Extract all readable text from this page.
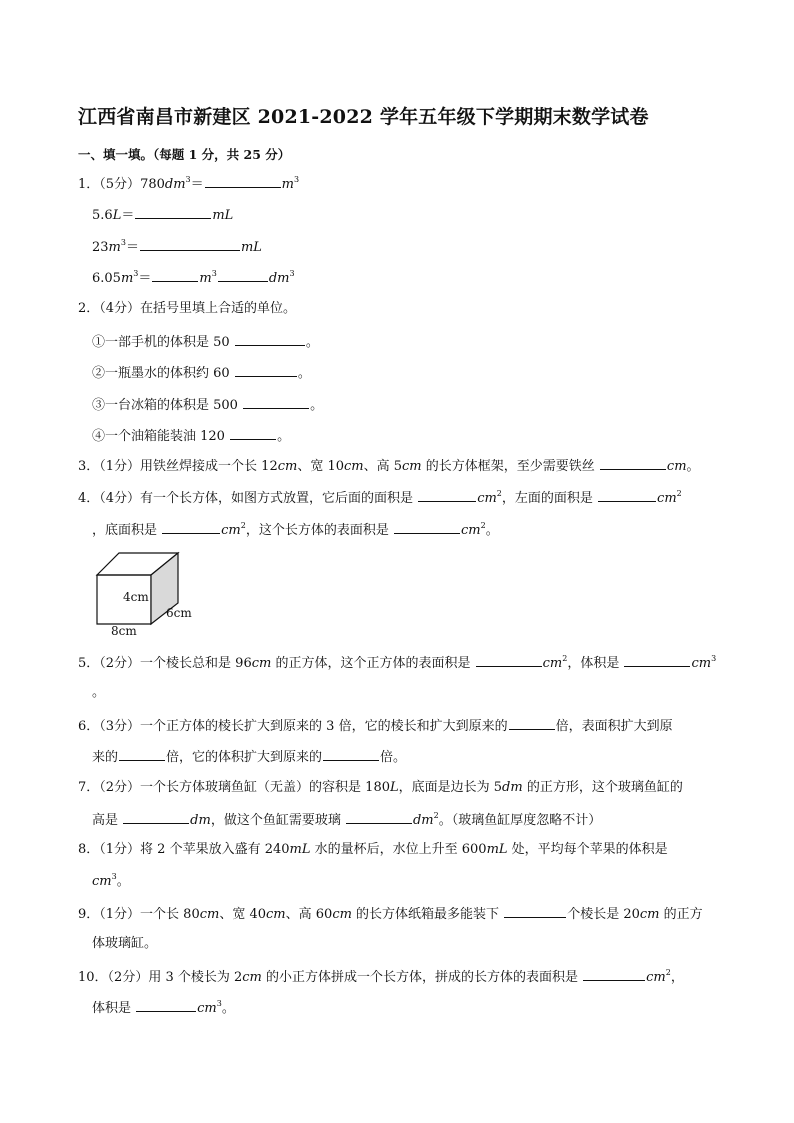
江西省南昌市新建区 2021-2022 学年五年级下学期期末数学试卷
一、填一填。（每题 1 分，共 25 分）
1．（5分）$780dm^3=$	$m^3$
5.6L＝	mL
$23m^3=$	mL
$6.05m^3=$	$m^3$	$dm^3$
2．（4分）在括号里填上合适的单位。
①一部手机的体积是 50	。
②一瓶墨水的体积约 60	。
③一台冰箱的体积是 500	。
④一个油箱能装油 120	。
3．（1分）用铁丝焊接成一个长 12cm、宽 10cm、高 5cm 的长方体框架，至少需要铁丝	cm。
4．（4分）有一个长方体，如图方式放置，它后面的面积是	$cm^2$，左面的面积是	$cm^2$
，底面积是	$cm^2$，这个长方体的表面积是	$cm^2$。
4cm
6cm
8cm
5．（2分）一个棱长总和是 96cm 的正方体，这个正方体的表面积是	$cm^2$，体积是	$cm^3$
。
6．（3分）一个正方体的棱长扩大到原来的 3 倍，它的棱长和扩大到原来的	倍，表面积扩大到原
来的	倍，它的体积扩大到原来的	倍。
7．（2分）一个长方体玻璃鱼缸（无盖）的容积是 180L，底面是边长为 5dm 的正方形，这个玻璃鱼缸的
高是	dm，做这个鱼缸需要玻璃	$dm^2$。（玻璃鱼缸厚度忽略不计）
8．（1分）将 2 个苹果放入盛有 240mL 水的量杯后，水位上升至 600mL 处，平均每个苹果的体积是
$cm^3$。
9．（1分）一个长 80cm、宽 40cm、高 60cm 的长方体纸箱最多能装下	个棱长是 20cm 的正方
体玻璃缸。
10．（2分）用 3 个棱长为 2cm 的小正方体拼成一个长方体，拼成的长方体的表面积是	$cm^2$，
体积是	$cm^3$。
